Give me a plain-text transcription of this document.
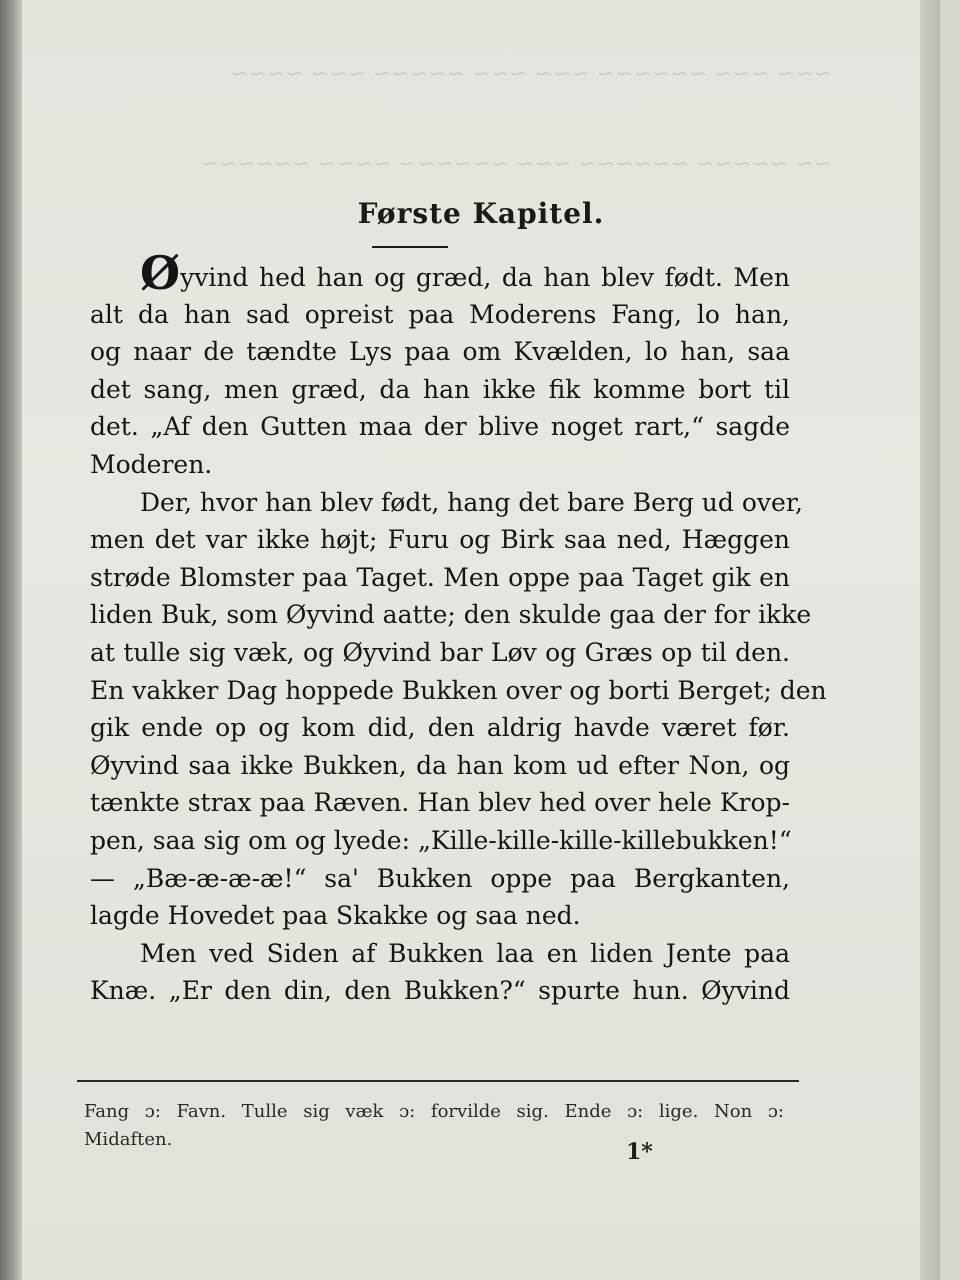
~~~ ~~~ ~~~~~~ ~~~ ~~~ ~~~~~ ~~~ ~~~~

~~ ~~~~~ ~~~~~~ ~~~ ~~~~~~ ~~~~ ~~~~~~

Første Kapitel.
Øyvind hed han og græd, da han blev født. Men
alt da han sad opreist paa Moderens Fang, lo han,
og naar de tændte Lys paa om Kvælden, lo han, saa
det sang, men græd, da han ikke fik komme bort til
det. „Af den Gutten maa der blive noget rart,“ sagde
Moderen.
Der, hvor han blev født, hang det bare Berg ud over,
men det var ikke højt; Furu og Birk saa ned, Hæggen
strøde Blomster paa Taget. Men oppe paa Taget gik en
liden Buk, som Øyvind aatte; den skulde gaa der for ikke
at tulle sig væk, og Øyvind bar Løv og Græs op til den.
En vakker Dag hoppede Bukken over og borti Berget; den
gik ende op og kom did, den aldrig havde været før.
Øyvind saa ikke Bukken, da han kom ud efter Non, og
tænkte strax paa Ræven. Han blev hed over hele Krop-
pen, saa sig om og lyede: „Kille-kille-kille-killebukken!“
— „Bæ-æ-æ-æ!“ sa' Bukken oppe paa Bergkanten,
lagde Hovedet paa Skakke og saa ned.
Men ved Siden af Bukken laa en liden Jente paa
Knæ. „Er den din, den Bukken?“ spurte hun. Øyvind
Fang ɔ: Favn. Tulle sig væk ɔ: forvilde sig. Ende ɔ: lige. Non ɔ:
Midaften.	1*
